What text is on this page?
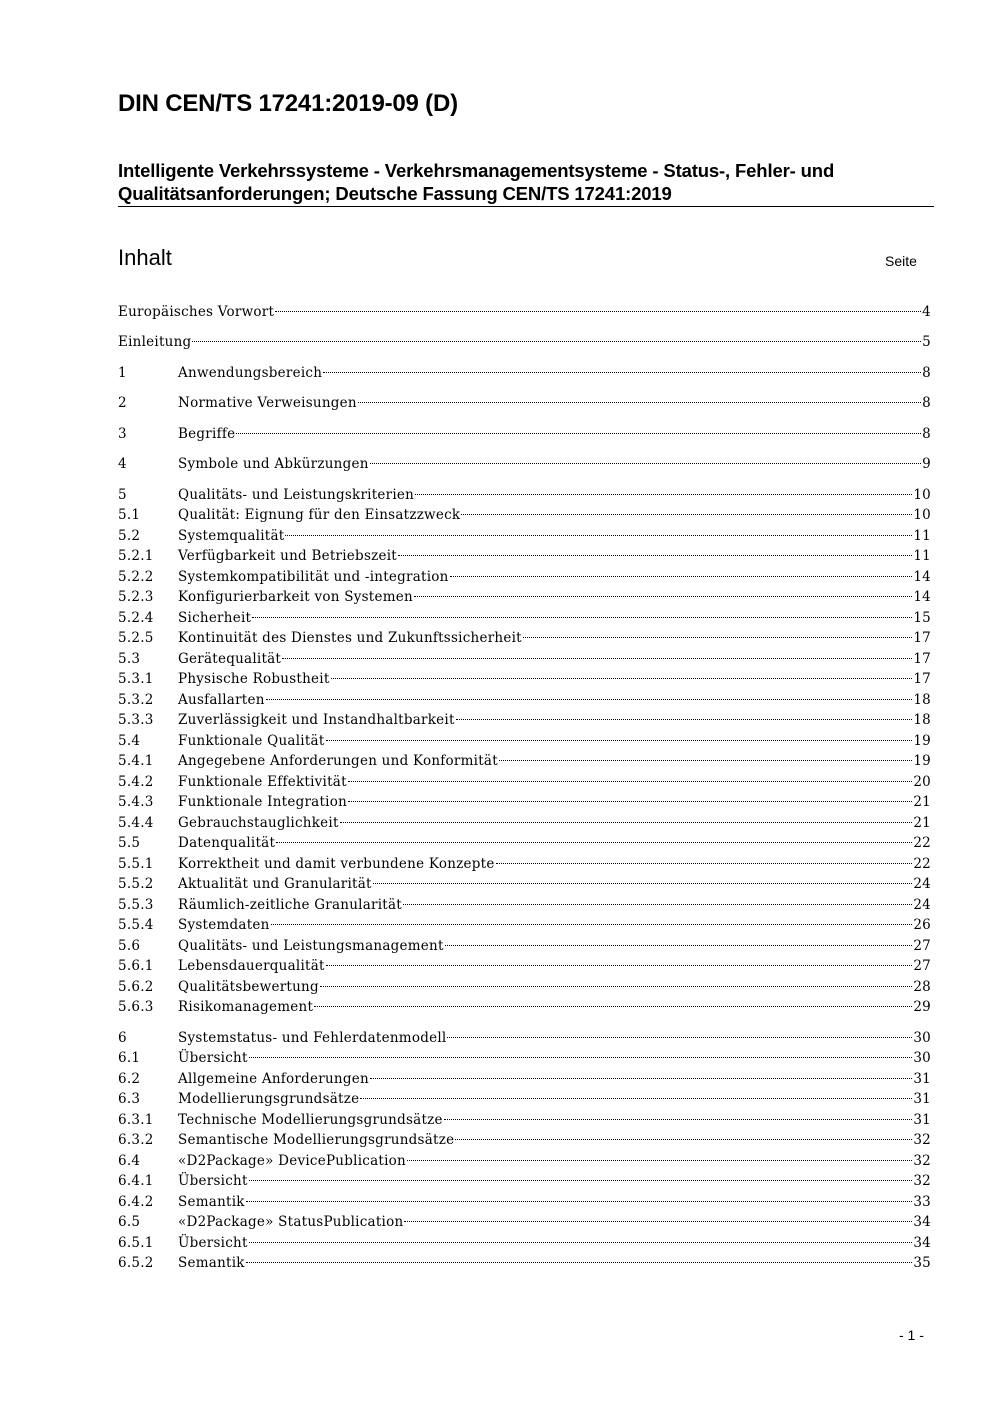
DIN CEN/TS 17241:2019-09 (D)
Intelligente Verkehrssysteme - Verkehrsmanagementsysteme - Status-, Fehler- und
Qualitätsanforderungen; Deutsche Fassung CEN/TS 17241:2019
Inhalt	Seite
Europäisches Vorwort	4
Einleitung	5
1	Anwendungsbereich	8
2	Normative Verweisungen	8
3	Begriffe	8
4	Symbole und Abkürzungen	9
5	Qualitäts- und Leistungskriterien	10
5.1	Qualität: Eignung für den Einsatzzweck	10
5.2	Systemqualität	11
5.2.1	Verfügbarkeit und Betriebszeit	11
5.2.2	Systemkompatibilität und -integration	14
5.2.3	Konfigurierbarkeit von Systemen	14
5.2.4	Sicherheit	15
5.2.5	Kontinuität des Dienstes und Zukunftssicherheit	17
5.3	Gerätequalität	17
5.3.1	Physische Robustheit	17
5.3.2	Ausfallarten	18
5.3.3	Zuverlässigkeit und Instandhaltbarkeit	18
5.4	Funktionale Qualität	19
5.4.1	Angegebene Anforderungen und Konformität	19
5.4.2	Funktionale Effektivität	20
5.4.3	Funktionale Integration	21
5.4.4	Gebrauchstauglichkeit	21
5.5	Datenqualität	22
5.5.1	Korrektheit und damit verbundene Konzepte	22
5.5.2	Aktualität und Granularität	24
5.5.3	Räumlich-zeitliche Granularität	24
5.5.4	Systemdaten	26
5.6	Qualitäts- und Leistungsmanagement	27
5.6.1	Lebensdauerqualität	27
5.6.2	Qualitätsbewertung	28
5.6.3	Risikomanagement	29
6	Systemstatus- und Fehlerdatenmodell	30
6.1	Übersicht	30
6.2	Allgemeine Anforderungen	31
6.3	Modellierungsgrundsätze	31
6.3.1	Technische Modellierungsgrundsätze	31
6.3.2	Semantische Modellierungsgrundsätze	32
6.4	«D2Package» DevicePublication	32
6.4.1	Übersicht	32
6.4.2	Semantik	33
6.5	«D2Package» StatusPublication	34
6.5.1	Übersicht	34
6.5.2	Semantik	35
- 1 -
